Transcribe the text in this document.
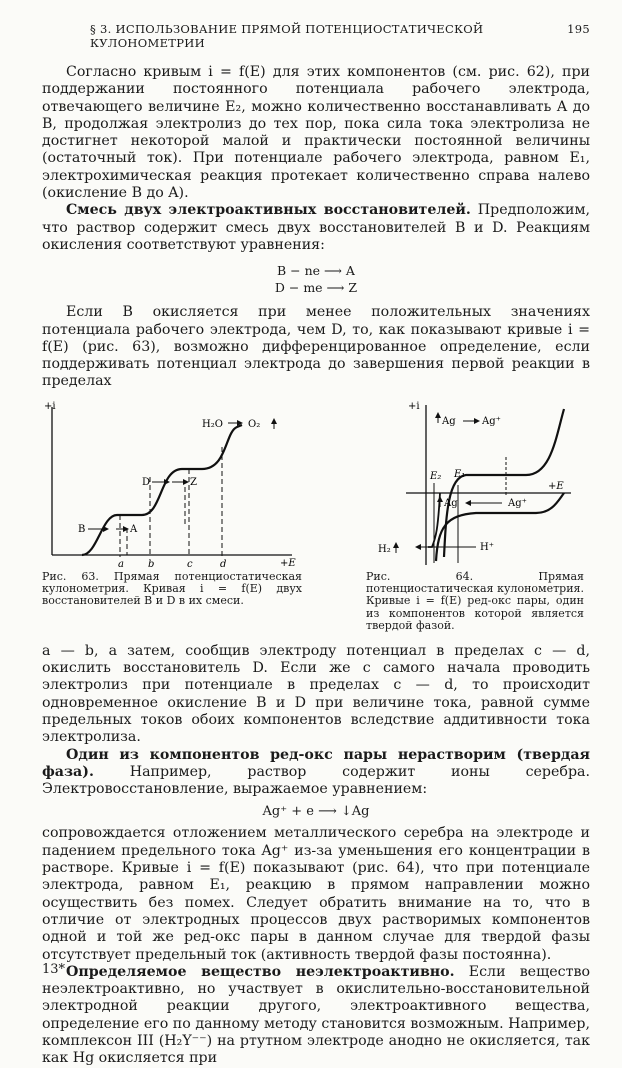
§ 3. ИСПОЛЬЗОВАНИЕ ПРЯМОЙ ПОТЕНЦИОСТАТИЧЕСКОЙ КУЛОНОМЕТРИИ
195

Согласно кривым i = f(E) для этих компонентов (см. рис. 62), при поддержании постоянного потенциала рабочего электрода, отвечающего величине E₂, можно количественно восстанавливать A до B, продолжая электролиз до тех пор, пока сила тока электролиза не достигнет некоторой малой и практически постоянной величины (остаточный ток). При потенциале рабочего электрода, равном E₁, электрохимическая реакция протекает количественно справа налево (окисление B до A).

Смесь двух электроактивных восстановителей. Предположим, что раствор содержит смесь двух восстановителей B и D. Реакциям окисления соответствуют уравнения:

B − ne ⟶ A
D − me ⟶ Z

Если B окисляется при менее положительных значениях потенциала рабочего электрода, чем D, то, как показывают кривые i = f(E) (рис. 63), возможно дифференцированное определение, если поддерживать потенциал электрода до завершения первой реакции в пределах

+i
+E
a b	c	d
B	A
D	Z
H₂O	O₂
Рис. 63. Прямая потенциостатическая кулонометрия. Кривая i = f(E) двух восстановителей B и D в их смеси.
+i
+E
Ag	Ag⁺
E₂ E₁
Ag	Ag⁺
H₂	H⁺
Рис. 64. Прямая потенциостатическая кулонометрия. Кривые i = f(E) ред-окс пары, один из компонентов которой является твердой фазой.

a — b, а затем, сообщив электроду потенциал в пределах c — d, окислить восстановитель D. Если же с самого начала проводить электролиз при потенциале в пределах c — d, то происходит одновременное окисление B и D при величине тока, равной сумме предельных токов обоих компонентов вследствие аддитивности тока электролиза.

Один из компонентов ред-окс пары нерастворим (твердая фаза). Например, раствор содержит ионы серебра. Электровосстановление, выражаемое уравнением:

Ag⁺ + e ⟶ ↓Ag

сопровождается отложением металлического серебра на электроде и падением предельного тока Ag⁺ из-за уменьшения его концентрации в растворе. Кривые i = f(E) показывают (рис. 64), что при потенциале электрода, равном E₁, реакцию в прямом направлении можно осуществить без помех. Следует обратить внимание на то, что в отличие от электродных процессов двух растворимых компонентов одной и той же ред-окс пары в данном случае для твердой фазы отсутствует предельный ток (активность твердой фазы постоянна).

Определяемое вещество неэлектроактивно. Если вещество неэлектроактивно, но участвует в окислительно-восстановительной электродной реакции другого, электроактивного вещества, определение его по данному методу становится возможным. Например, комплексон III (H₂Y⁻⁻) на ртутном электроде анодно не окисляется, так как Hg окисляется при

13*
